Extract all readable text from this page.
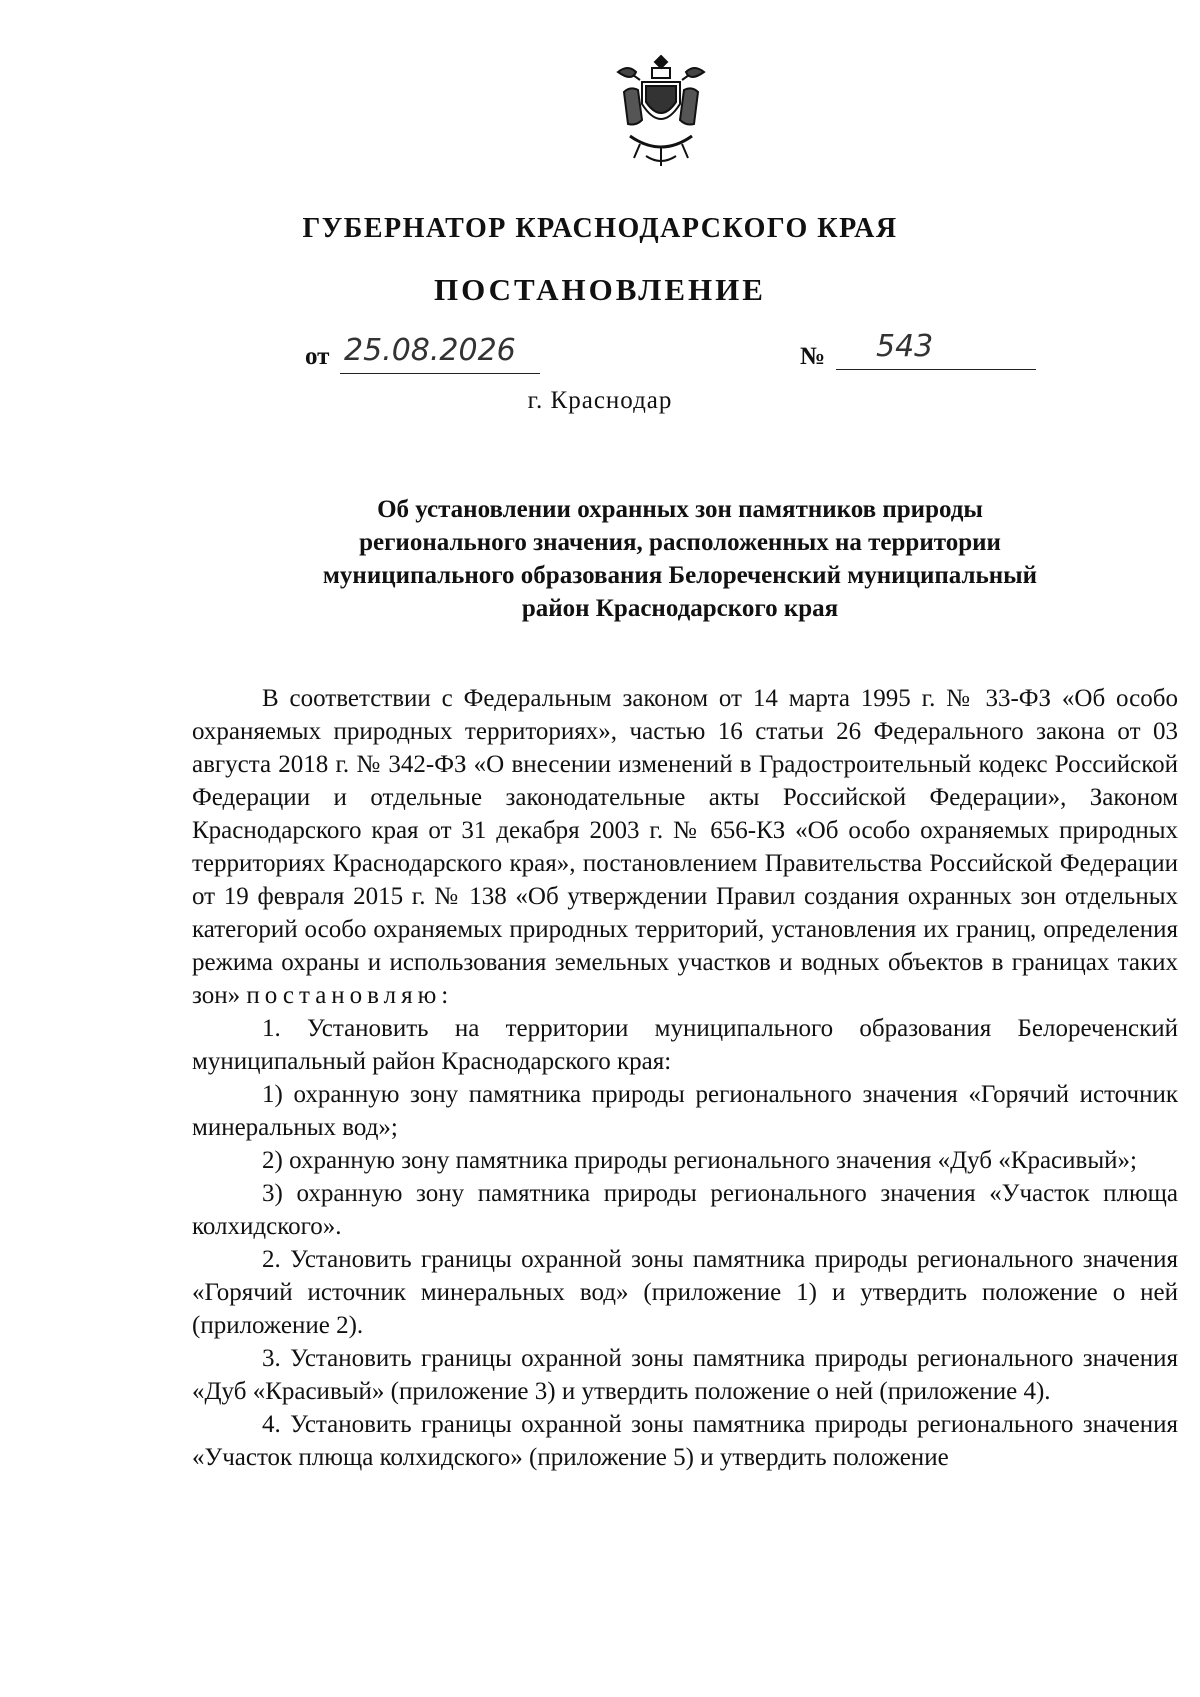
ГУБЕРНАТОР КРАСНОДАРСКОГО КРАЯ
ПОСТАНОВЛЕНИЕ
от 25.08.2026	№	543
г. Краснодар
Об установлении охранных зон памятников природы регионального значения, расположенных на территории муниципального образования Белореченский муниципальный район Краснодарского края

В соответствии с Федеральным законом от 14 марта 1995 г. № 33-ФЗ «Об особо охраняемых природных территориях», частью 16 статьи 26 Федерального закона от 03 августа 2018 г. № 342-ФЗ «О внесении изменений в Градостроительный кодекс Российской Федерации и отдельные законодательные акты Российской Федерации», Законом Краснодарского края от 31 декабря 2003 г. № 656-КЗ «Об особо охраняемых природных территориях Краснодарского края», постановлением Правительства Российской Федерации от 19 февраля 2015 г. № 138 «Об утверждении Правил создания охранных зон отдельных категорий особо охраняемых природных территорий, установления их границ, определения режима охраны и использования земельных участков и водных объектов в границах таких зон» постановляю:

1. Установить на территории муниципального образования Белореченский муниципальный район Краснодарского края:

1) охранную зону памятника природы регионального значения «Горячий источник минеральных вод»;

2) охранную зону памятника природы регионального значения «Дуб «Красивый»;

3) охранную зону памятника природы регионального значения «Участок плюща колхидского».

2. Установить границы охранной зоны памятника природы регионального значения «Горячий источник минеральных вод» (приложение 1) и утвердить положение о ней (приложение 2).

3. Установить границы охранной зоны памятника природы регионального значения «Дуб «Красивый» (приложение 3) и утвердить положение о ней (приложение 4).

4. Установить границы охранной зоны памятника природы регионального значения «Участок плюща колхидского» (приложение 5) и утвердить положение
